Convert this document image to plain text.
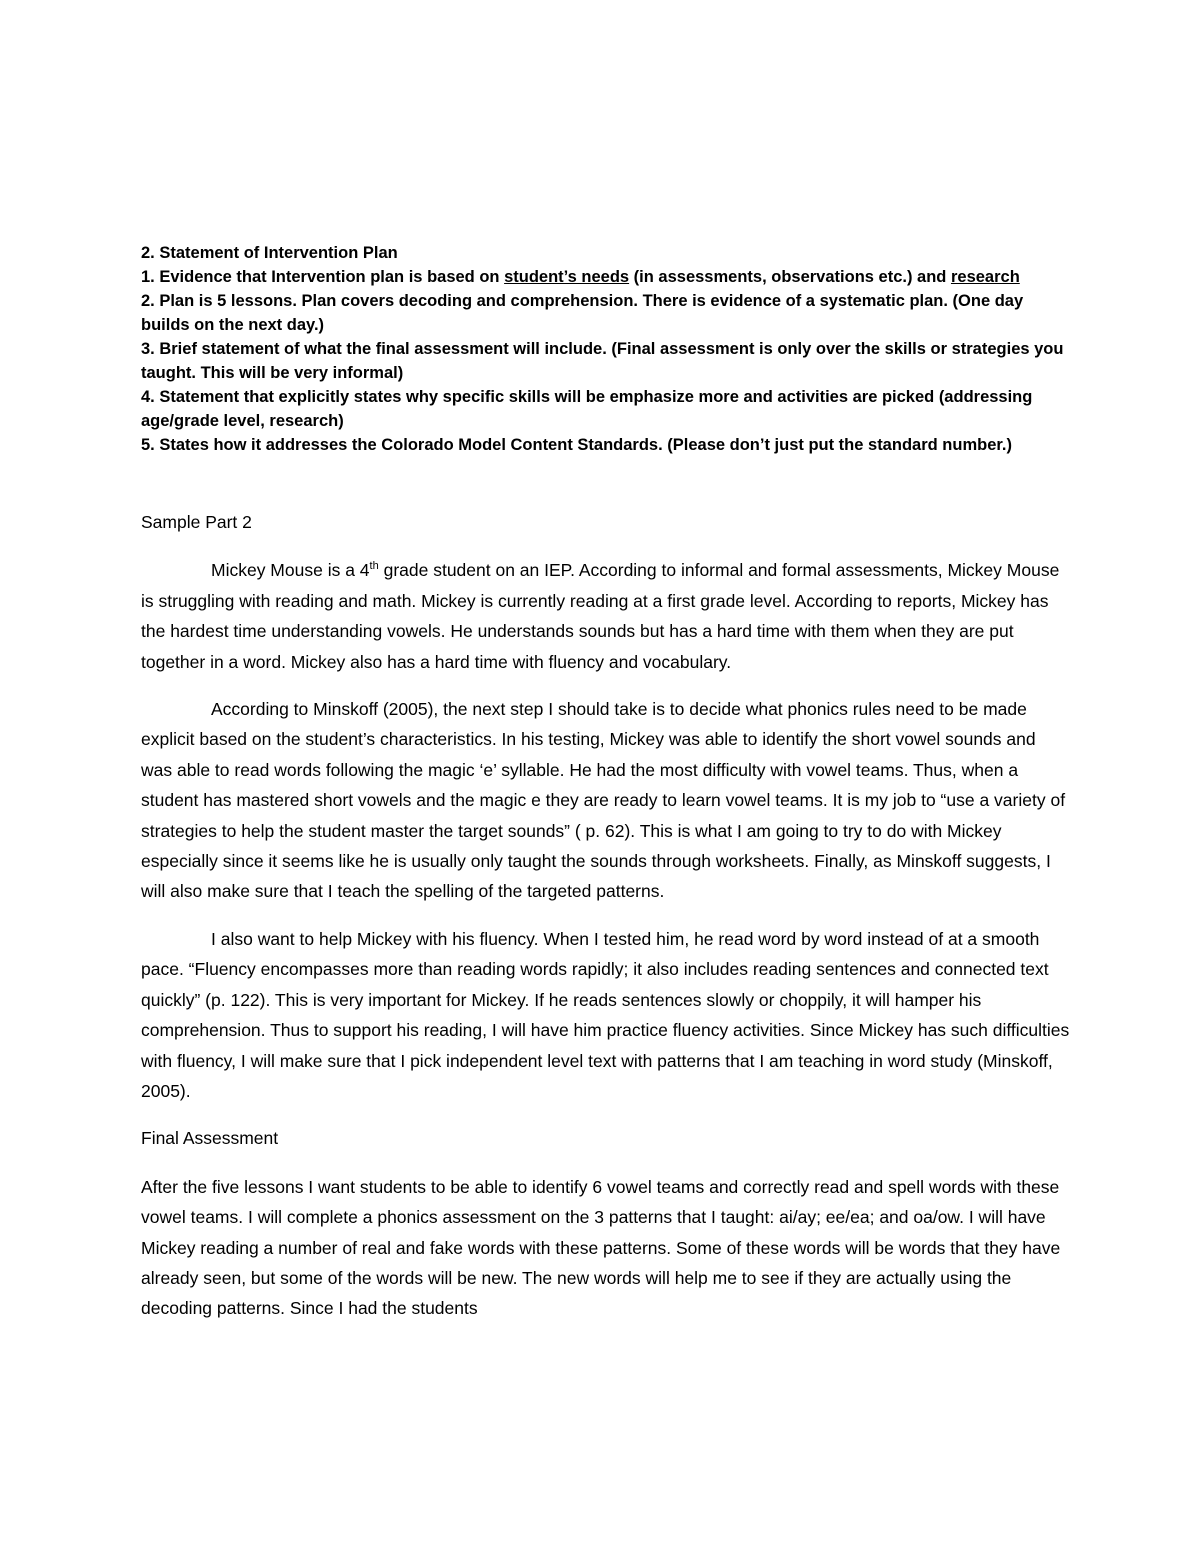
2. Statement of Intervention Plan

1. Evidence that Intervention plan is based on student’s needs (in assessments, observations etc.) and research

2. Plan is 5 lessons. Plan covers decoding and comprehension. There is evidence of a systematic plan. (One day builds on the next day.)

3. Brief statement of what the final assessment will include. (Final assessment is only over the skills or strategies you taught. This will be very informal)

4. Statement that explicitly states why specific skills will be emphasize more and activities are picked (addressing age/grade level, research)

5. States how it addresses the Colorado Model Content Standards. (Please don’t just put the standard number.)

Sample Part 2

Mickey Mouse is a 4th grade student on an IEP. According to informal and formal assessments, Mickey Mouse is struggling with reading and math. Mickey is currently reading at a first grade level. According to reports, Mickey has the hardest time understanding vowels. He understands sounds but has a hard time with them when they are put together in a word. Mickey also has a hard time with fluency and vocabulary.

According to Minskoff (2005), the next step I should take is to decide what phonics rules need to be made explicit based on the student’s characteristics. In his testing, Mickey was able to identify the short vowel sounds and was able to read words following the magic ‘e’ syllable. He had the most difficulty with vowel teams. Thus, when a student has mastered short vowels and the magic e they are ready to learn vowel teams. It is my job to “use a variety of strategies to help the student master the target sounds” ( p. 62). This is what I am going to try to do with Mickey especially since it seems like he is usually only taught the sounds through worksheets. Finally, as Minskoff suggests, I will also make sure that I teach the spelling of the targeted patterns.

I also want to help Mickey with his fluency. When I tested him, he read word by word instead of at a smooth pace. “Fluency encompasses more than reading words rapidly; it also includes reading sentences and connected text quickly” (p. 122). This is very important for Mickey. If he reads sentences slowly or choppily, it will hamper his comprehension. Thus to support his reading, I will have him practice fluency activities. Since Mickey has such difficulties with fluency, I will make sure that I pick independent level text with patterns that I am teaching in word study (Minskoff, 2005).

Final Assessment

After the five lessons I want students to be able to identify 6 vowel teams and correctly read and spell words with these vowel teams. I will complete a phonics assessment on the 3 patterns that I taught: ai/ay; ee/ea; and oa/ow. I will have Mickey reading a number of real and fake words with these patterns. Some of these words will be words that they have already seen, but some of the words will be new. The new words will help me to see if they are actually using the decoding patterns. Since I had the students
